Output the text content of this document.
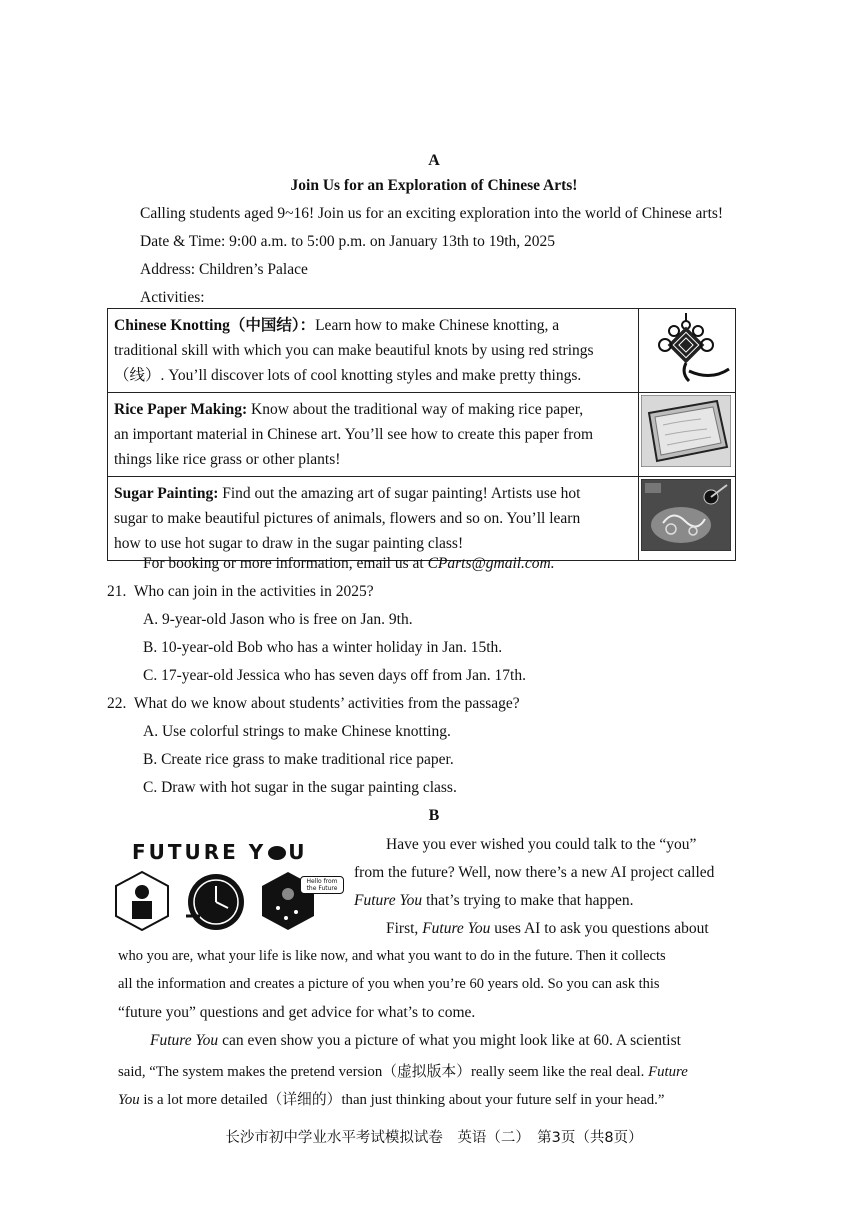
A
Join Us for an Exploration of Chinese Arts!
Calling students aged 9~16! Join us for an exciting exploration into the world of Chinese arts!
Date & Time: 9:00 a.m. to 5:00 p.m. on January 13th to 19th, 2025
Address: Children’s Palace
Activities:
Chinese Knotting（中国结）：Learn how to make Chinese knotting, a
traditional skill with which you can make beautiful knots by using red strings
（线）. You’ll discover lots of cool knotting styles and make pretty things.	

Rice Paper Making: Know about the traditional way of making rice paper,
an important material in Chinese art. You’ll see how to create this paper from
things like rice grass or other plants!	

Sugar Painting: Find out the amazing art of sugar painting! Artists use hot
sugar to make beautiful pictures of animals, flowers and so on. You’ll learn
how to use hot sugar to draw in the sugar painting class!	
For booking or more information, email us at CParts@gmail.com.
21. Who can join in the activities in 2025?
A. 9-year-old Jason who is free on Jan. 9th.
B. 10-year-old Bob who has a winter holiday in Jan. 15th.
C. 17-year-old Jessica who has seven days off from Jan. 17th.
22. What do we know about students’ activities from the passage?
A. Use colorful strings to make Chinese knotting.
B. Create rice grass to make traditional rice paper.
C. Draw with hot sugar in the sugar painting class.
B
FUTURE Y U
Hello from the Future
Have you ever wished you could talk to the “you”
from the future? Well, now there’s a new AI project called
Future You that’s trying to make that happen.
First, Future You uses AI to ask you questions about
who you are, what your life is like now, and what you want to do in the future. Then it collects
all the information and creates a picture of you when you’re 60 years old. So you can ask this
“future you” questions and get advice for what’s to come.
Future You can even show you a picture of what you might look like at 60. A scientist
said, “The system makes the pretend version（虚拟版本）really seem like the real deal. Future
You is a lot more detailed（详细的）than just thinking about your future self in your head.”
长沙市初中学业水平考试模拟试卷　英语（二）　第3页（共8页）
